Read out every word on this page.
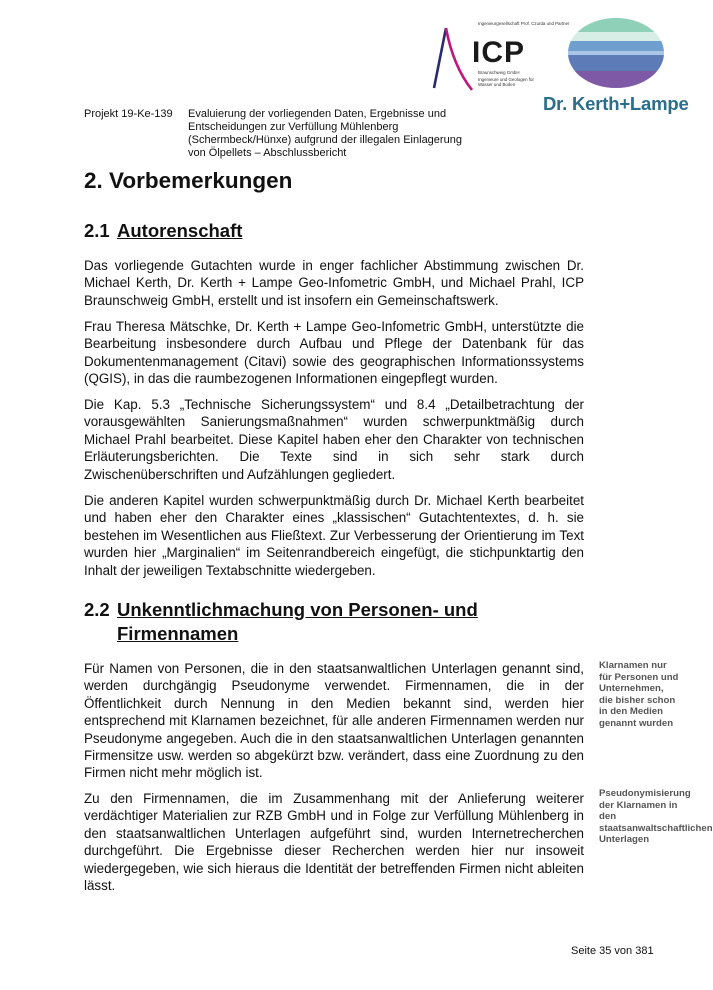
Ingenieurgesellschaft Prof. Czurda und Partner
ICP
Braunschweig GmbH
Ingenieure und Geologen für Wasser und Boden
Dr. Kerth+Lampe
Projekt 19-Ke-139 Evaluierung der vorliegenden Daten, Ergebnisse und Entscheidungen zur Verfüllung Mühlenberg (Schermbeck/Hünxe) aufgrund der illegalen Einlagerung von Ölpellets – Abschlussbericht
2. Vorbemerkungen
2.1 Autorenschaft

Das vorliegende Gutachten wurde in enger fachlicher Abstimmung zwischen Dr. Michael Kerth, Dr. Kerth + Lampe Geo-Infometric GmbH, und Michael Prahl, ICP Braunschweig GmbH, erstellt und ist insofern ein Gemeinschaftswerk.

Frau Theresa Mätschke, Dr. Kerth + Lampe Geo-Infometric GmbH, unterstützte die Bearbeitung insbesondere durch Aufbau und Pflege der Datenbank für das Dokumentenmanagement (Citavi) sowie des geographischen Informationssystems (QGIS), in das die raumbezogenen Informationen eingepflegt wurden.

Die Kap. 5.3 „Technische Sicherungssystem“ und 8.4 „Detailbetrachtung der vorausgewählten Sanierungsmaßnahmen“ wurden schwerpunktmäßig durch Michael Prahl bearbeitet. Diese Kapitel haben eher den Charakter von technischen Erläuterungsberichten. Die Texte sind in sich sehr stark durch Zwischenüberschriften und Aufzählungen gegliedert.

Die anderen Kapitel wurden schwerpunktmäßig durch Dr. Michael Kerth bearbeitet und haben eher den Charakter eines „klassischen“ Gutachtentextes, d. h. sie bestehen im Wesentlichen aus Fließtext. Zur Verbesserung der Orientierung im Text wurden hier „Marginalien“ im Seitenrandbereich eingefügt, die stichpunktartig den Inhalt der jeweiligen Textabschnitte wiedergeben.

2.2 Unkenntlichmachung von Personen- und Firmennamen

Für Namen von Personen, die in den staatsanwaltlichen Unterlagen genannt sind, werden durchgängig Pseudonyme verwendet. Firmennamen, die in der Öffentlichkeit durch Nennung in den Medien bekannt sind, werden hier entsprechend mit Klarnamen bezeichnet, für alle anderen Firmennamen werden nur Pseudonyme angegeben. Auch die in den staatsanwaltlichen Unterlagen genannten Firmensitze usw. werden so abgekürzt bzw. verändert, dass eine Zuordnung zu den Firmen nicht mehr möglich ist.

Zu den Firmennamen, die im Zusammenhang mit der Anlieferung weiterer verdächtiger Materialien zur RZB GmbH und in Folge zur Verfüllung Mühlenberg in den staatsanwaltlichen Unterlagen aufgeführt sind, wurden Internetrecherchen durchgeführt. Die Ergebnisse dieser Recherchen werden hier nur insoweit wiedergegeben, wie sich hieraus die Identität der betreffenden Firmen nicht ableiten lässt.

Klarnamen nur für Personen und Unternehmen, die bisher schon in den Medien genannt wurden

Pseudonymisierung der Klarnamen in den staatsanwaltschaftlichen Unterlagen

Seite 35 von 381
